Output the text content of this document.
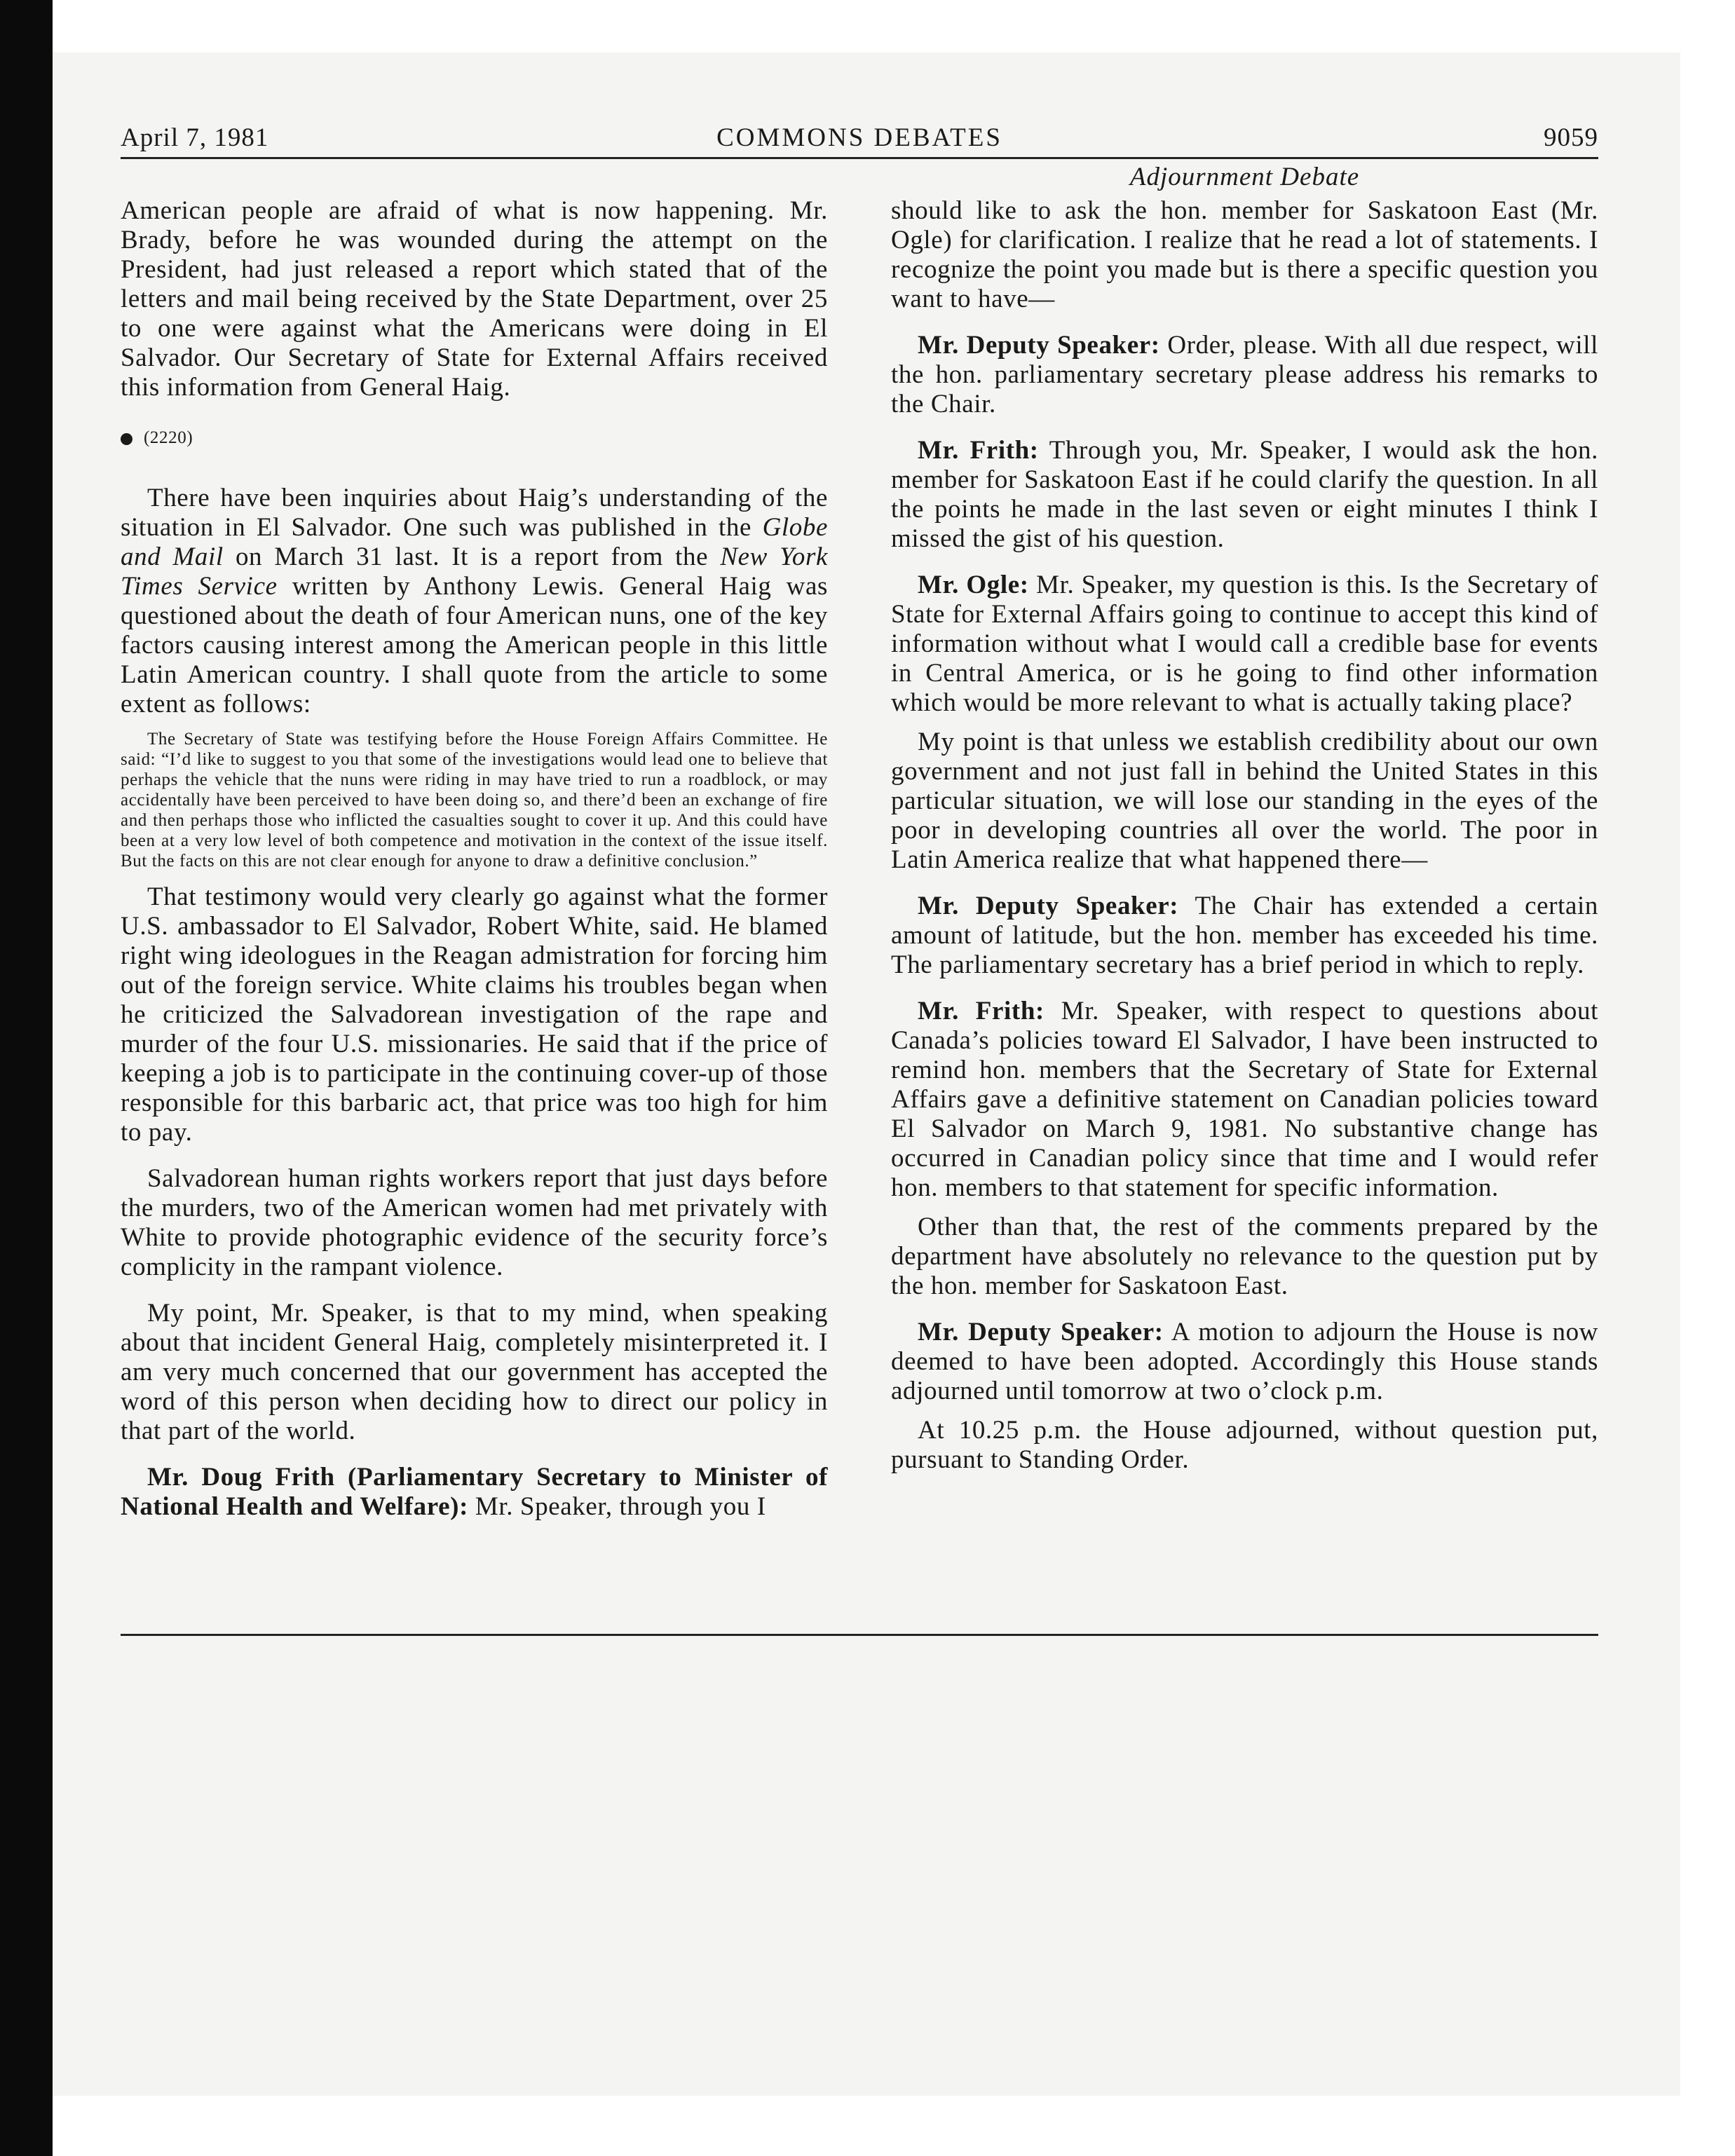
April 7, 1981	COMMONS DEBATES	9059
Adjournment Debate

American people are afraid of what is now happening. Mr. Brady, before he was wounded during the attempt on the President, had just released a report which stated that of the letters and mail being received by the State Department, over 25 to one were against what the Americans were doing in El Salvador. Our Secretary of State for External Affairs received this information from General Haig.

(2220)

There have been inquiries about Haig’s understanding of the situation in El Salvador. One such was published in the Globe and Mail on March 31 last. It is a report from the New York Times Service written by Anthony Lewis. General Haig was questioned about the death of four American nuns, one of the key factors causing interest among the American people in this little Latin American country. I shall quote from the article to some extent as follows:

The Secretary of State was testifying before the House Foreign Affairs Committee. He said: “I’d like to suggest to you that some of the investigations would lead one to believe that perhaps the vehicle that the nuns were riding in may have tried to run a roadblock, or may accidentally have been perceived to have been doing so, and there’d been an exchange of fire and then perhaps those who inflicted the casualties sought to cover it up. And this could have been at a very low level of both competence and motivation in the context of the issue itself. But the facts on this are not clear enough for anyone to draw a definitive conclusion.”

That testimony would very clearly go against what the former U.S. ambassador to El Salvador, Robert White, said. He blamed right wing ideologues in the Reagan admistration for forcing him out of the foreign service. White claims his troubles began when he criticized the Salvadorean investigation of the rape and murder of the four U.S. missionaries. He said that if the price of keeping a job is to participate in the continuing cover-up of those responsible for this barbaric act, that price was too high for him to pay.

Salvadorean human rights workers report that just days before the murders, two of the American women had met privately with White to provide photographic evidence of the security force’s complicity in the rampant violence.

My point, Mr. Speaker, is that to my mind, when speaking about that incident General Haig, completely misinterpreted it. I am very much concerned that our government has accepted the word of this person when deciding how to direct our policy in that part of the world.

Mr. Doug Frith (Parliamentary Secretary to Minister of National Health and Welfare): Mr. Speaker, through you I

should like to ask the hon. member for Saskatoon East (Mr. Ogle) for clarification. I realize that he read a lot of statements. I recognize the point you made but is there a specific question you want to have—

Mr. Deputy Speaker: Order, please. With all due respect, will the hon. parliamentary secretary please address his remarks to the Chair.

Mr. Frith: Through you, Mr. Speaker, I would ask the hon. member for Saskatoon East if he could clarify the question. In all the points he made in the last seven or eight minutes I think I missed the gist of his question.

Mr. Ogle: Mr. Speaker, my question is this. Is the Secretary of State for External Affairs going to continue to accept this kind of information without what I would call a credible base for events in Central America, or is he going to find other information which would be more relevant to what is actually taking place?

My point is that unless we establish credibility about our own government and not just fall in behind the United States in this particular situation, we will lose our standing in the eyes of the poor in developing countries all over the world. The poor in Latin America realize that what happened there—

Mr. Deputy Speaker: The Chair has extended a certain amount of latitude, but the hon. member has exceeded his time. The parliamentary secretary has a brief period in which to reply.

Mr. Frith: Mr. Speaker, with respect to questions about Canada’s policies toward El Salvador, I have been instructed to remind hon. members that the Secretary of State for External Affairs gave a definitive statement on Canadian policies toward El Salvador on March 9, 1981. No substantive change has occurred in Canadian policy since that time and I would refer hon. members to that statement for specific information.

Other than that, the rest of the comments prepared by the department have absolutely no relevance to the question put by the hon. member for Saskatoon East.

Mr. Deputy Speaker: A motion to adjourn the House is now deemed to have been adopted. Accordingly this House stands adjourned until tomorrow at two o’clock p.m.

At 10.25 p.m. the House adjourned, without question put, pursuant to Standing Order.
